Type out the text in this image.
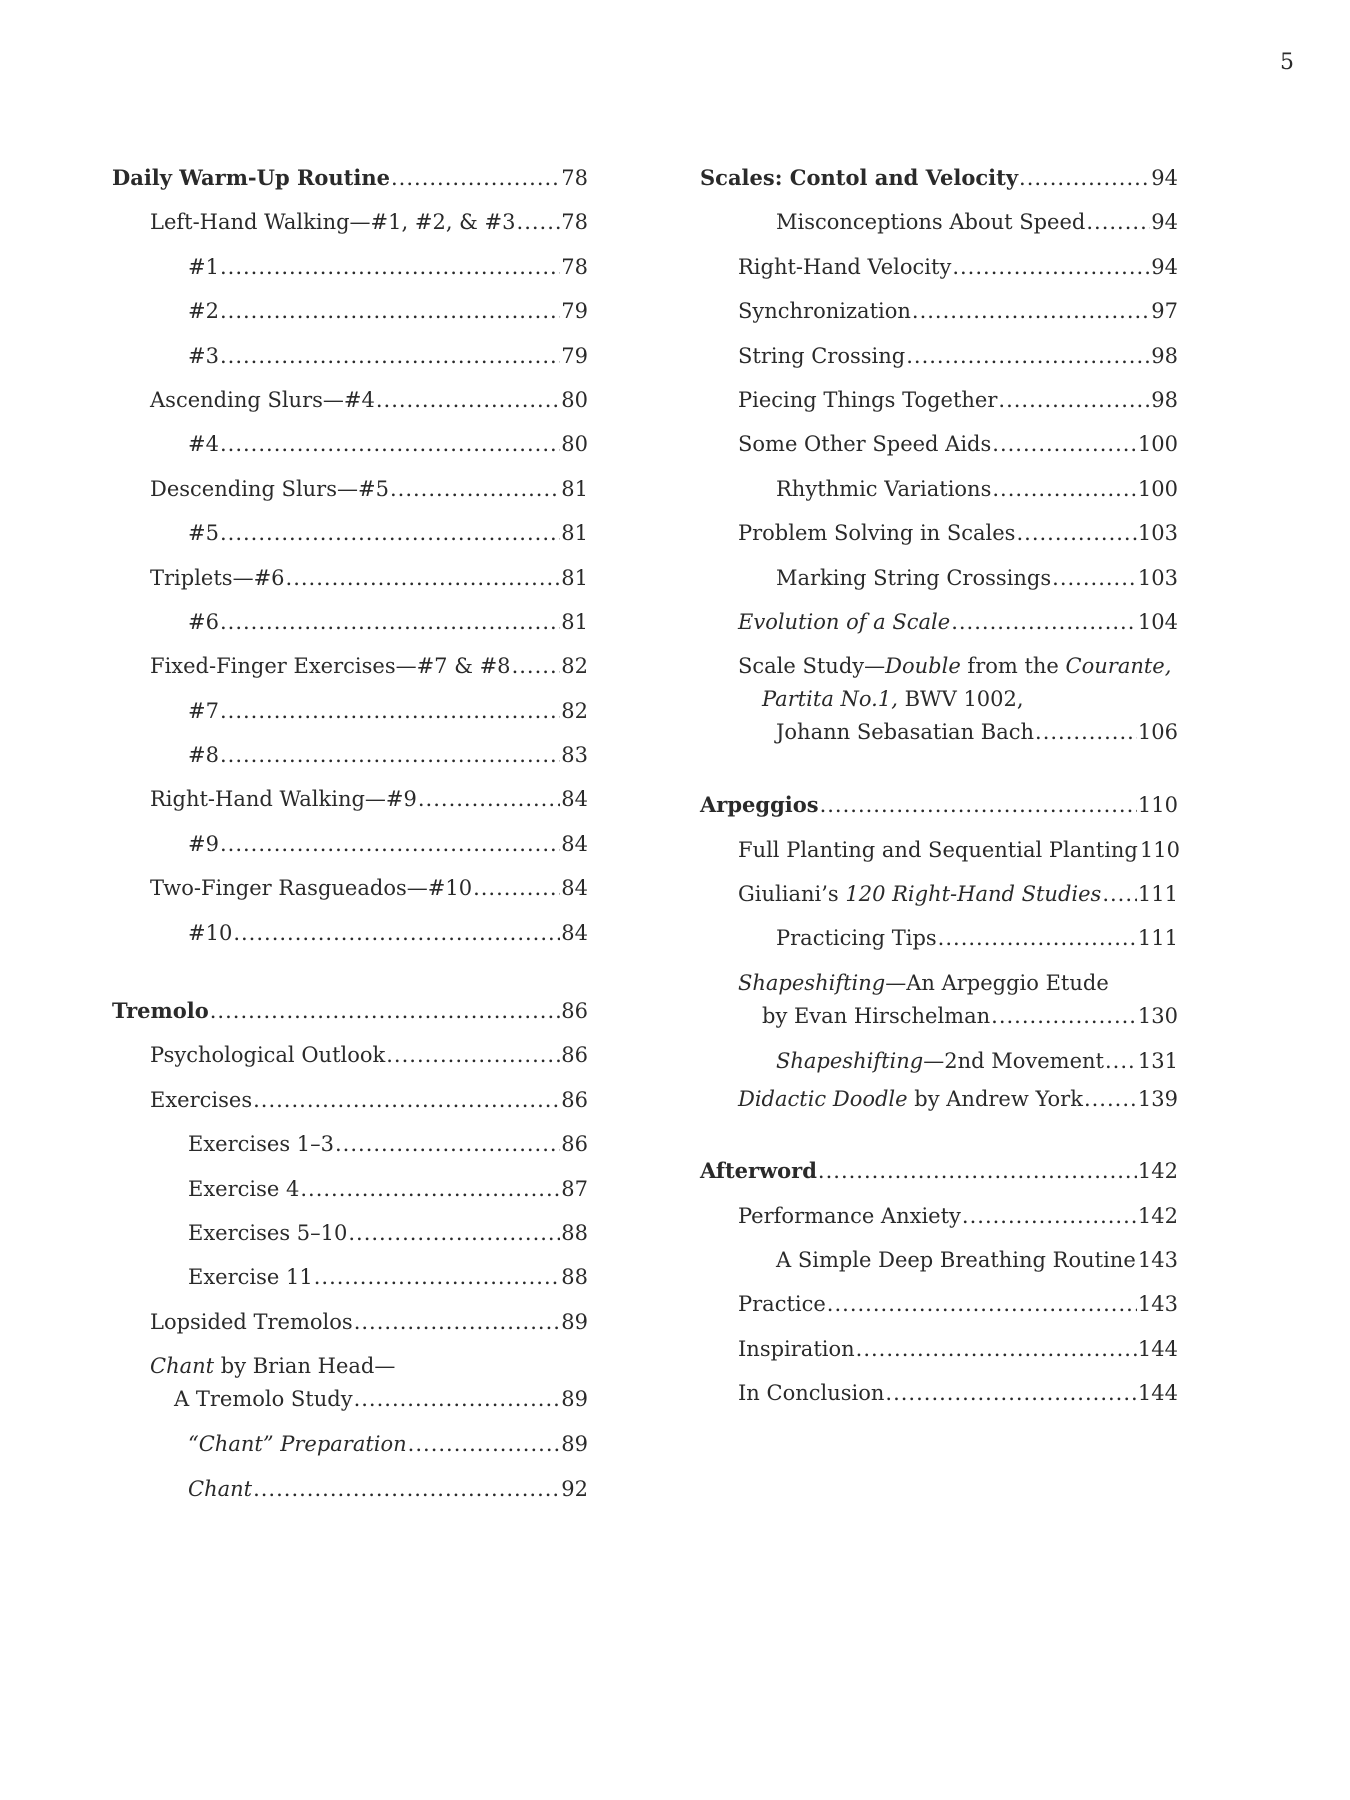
5
Daily Warm-Up Routine .....	78
Left-Hand Walking—#1, #2, & #3 ..... 78
#1 .....	78
#2 .....	79
#3 .....	79
Ascending Slurs—#4 .....	80
#4 .....	80
Descending Slurs—#5 .....	81
#5 .....	81
Triplets—#6 .....	81
#6 .....	81
Fixed-Finger Exercises—#7 & #8 ..... 82
#7 .....	82
#8 .....	83
Right-Hand Walking—#9 .....	84
#9 .....	84
Two-Finger Rasgueados—#10 .....	84
#10 .....	84
Tremolo .....	86
Psychological Outlook .....	86
Exercises .....	86
Exercises 1–3 .....	86
Exercise 4 .....	87
Exercises 5–10 .....	88
Exercise 11 .....	88
Lopsided Tremolos .....	89
Chant by Brian Head—
A Tremolo Study .....	89
“Chant” Preparation .....	89
Chant .....	92
Scales: Contol and Velocity .....	94
Misconceptions About Speed .....	94
Right-Hand Velocity .....	94
Synchronization .....	97
String Crossing .....	98
Piecing Things Together .....	98
Some Other Speed Aids .....	100
Rhythmic Variations .....	100
Problem Solving in Scales .....	103
Marking String Crossings .....	103
Evolution of a Scale .....	104
Scale Study—Double from the Courante,
Partita No.1, BWV 1002,
Johann Sebasatian Bach .....	106
Arpeggios .....	110
Full Planting and Sequential Planting 110
Giuliani’s 120 Right-Hand Studies ..... 111
Practicing Tips .....	111
Shapeshifting—An Arpeggio Etude
by Evan Hirschelman .....	130
Shapeshifting—2nd Movement ..... 131
Didactic Doodle by Andrew York .....	139
Afterword .....	142
Performance Anxiety .....	142
A Simple Deep Breathing Routine ..... 143
Practice .....	143
Inspiration .....	144
In Conclusion .....	144
